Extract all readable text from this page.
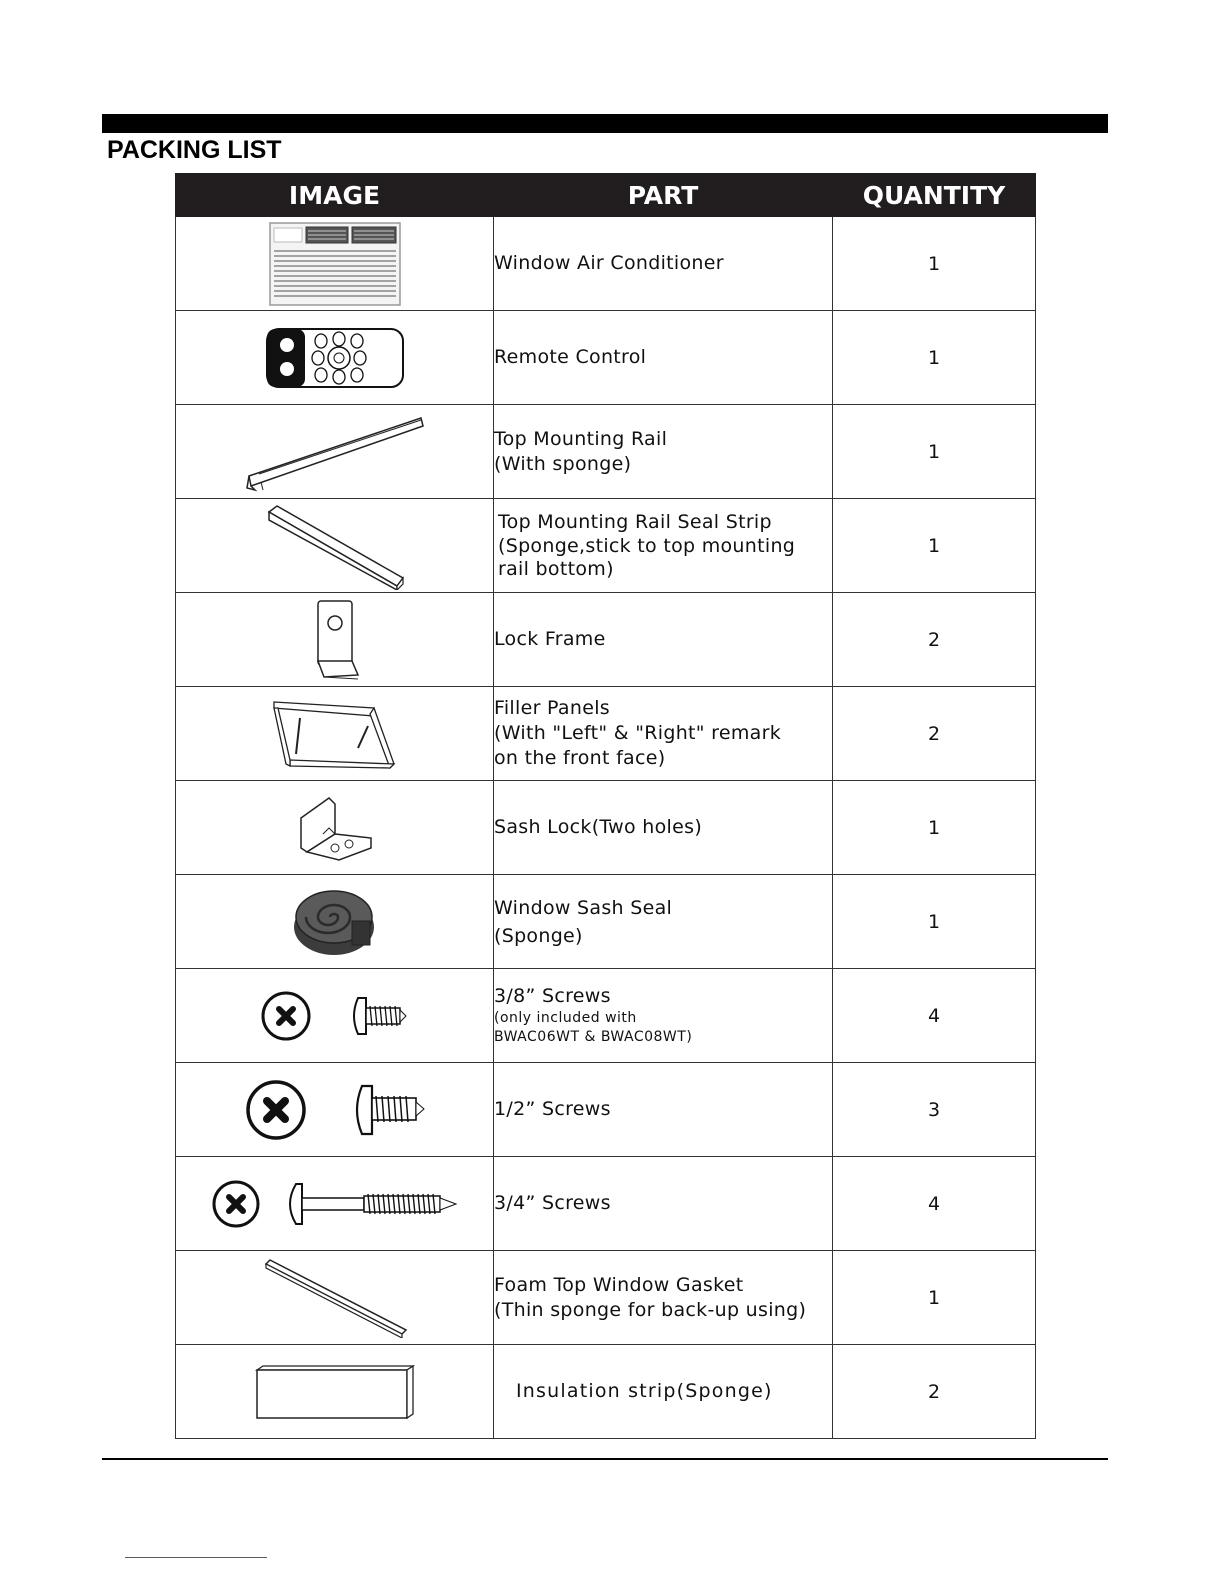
PACKING LIST
IMAGE	PART	QUANTITY

Window Air Conditioner	1

Remote Control	1

Top Mounting Rail
(With sponge)	1

Top Mounting Rail Seal Strip
(Sponge,stick to top mounting
rail bottom)	1

Lock Frame	2

Filler Panels
(With "Left" & "Right" remark
on the front face)	2

Sash Lock(Two holes)	1

Window Sash Seal
(Sponge)	1

3/8” Screws
(only included with
BWAC06WT & BWAC08WT)	4

1/2” Screws	3

3/4” Screws	4

Foam Top Window Gasket
(Thin sponge for back-up using)	1

Insulation strip(Sponge)	2
